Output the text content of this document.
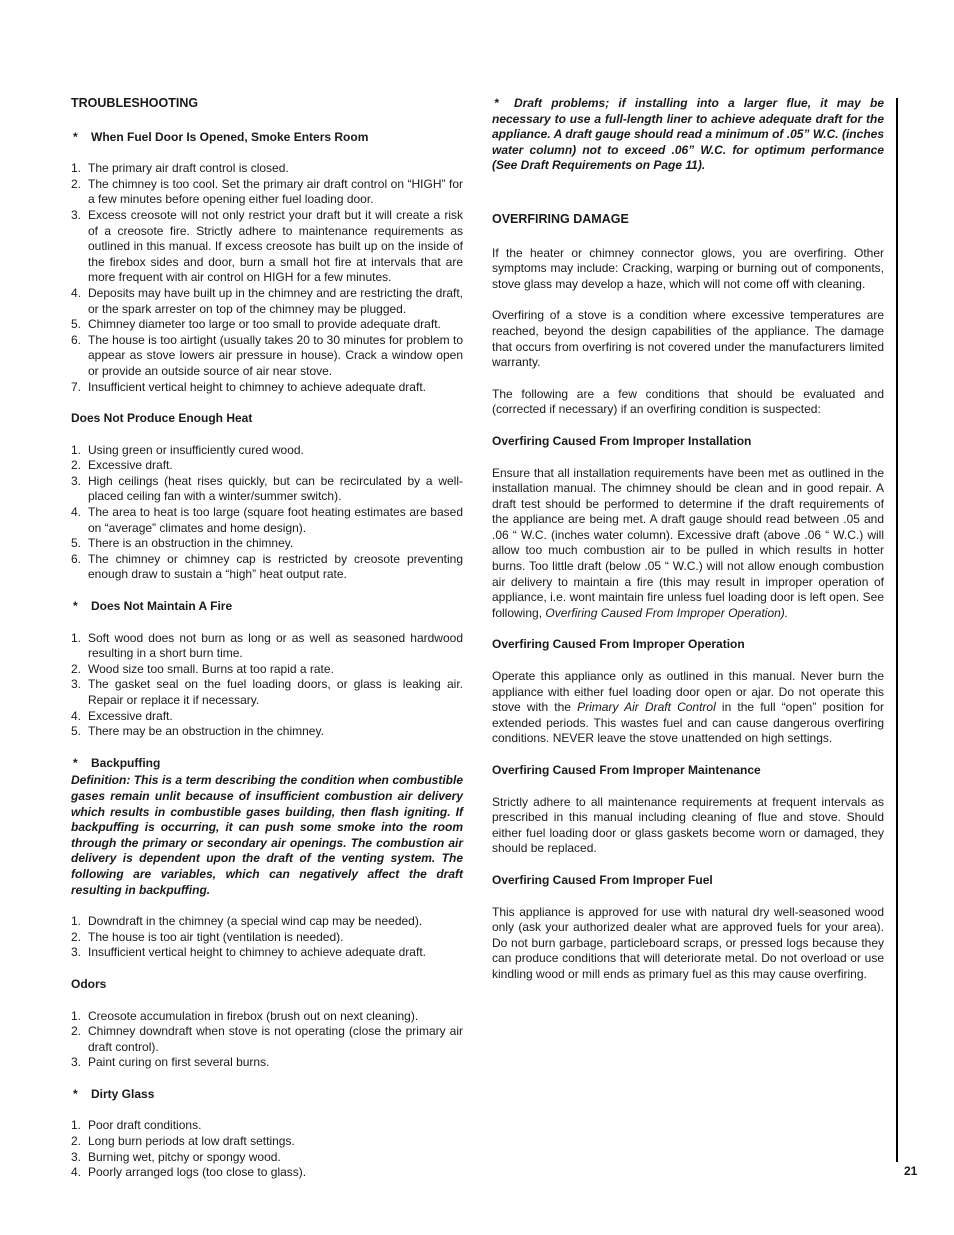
TROUBLESHOOTING
* When Fuel Door Is Opened, Smoke Enters Room
1. The primary air draft control is closed.
2. The chimney is too cool. Set the primary air draft control on “HIGH” for a few minutes before opening either fuel loading door.
3. Excess creosote will not only restrict your draft but it will create a risk of a creosote fire. Strictly adhere to maintenance requirements as outlined in this manual. If excess creosote has built up on the inside of the firebox sides and door, burn a small hot fire at intervals that are more frequent with air control on HIGH for a few minutes.
4. Deposits may have built up in the chimney and are restricting the draft, or the spark arrester on top of the chimney may be plugged.
5. Chimney diameter too large or too small to provide adequate draft.
6. The house is too airtight (usually takes 20 to 30 minutes for problem to appear as stove lowers air pressure in house). Crack a window open or provide an outside source of air near stove.
7. Insufficient vertical height to chimney to achieve adequate draft.
Does Not Produce Enough Heat
1. Using green or insufficiently cured wood.
2. Excessive draft.
3. High ceilings (heat rises quickly, but can be recirculated by a well-placed ceiling fan with a winter/summer switch).
4. The area to heat is too large (square foot heating estimates are based on “average” climates and home design).
5. There is an obstruction in the chimney.
6. The chimney or chimney cap is restricted by creosote preventing enough draw to sustain a “high” heat output rate.
* Does Not Maintain A Fire
1. Soft wood does not burn as long or as well as seasoned hardwood resulting in a short burn time.
2. Wood size too small. Burns at too rapid a rate.
3. The gasket seal on the fuel loading doors, or glass is leaking air. Repair or replace it if necessary.
4. Excessive draft.
5. There may be an obstruction in the chimney.
* Backpuffing
Definition: This is a term describing the condition when combustible gases remain unlit because of insufficient combustion air delivery which results in combustible gases building, then flash igniting. If backpuffing is occurring, it can push some smoke into the room through the primary or secondary air openings. The combustion air delivery is dependent upon the draft of the venting system. The following are variables, which can negatively affect the draft resulting in backpuffing.
1. Downdraft in the chimney (a special wind cap may be needed).
2. The house is too air tight (ventilation is needed).
3. Insufficient vertical height to chimney to achieve adequate draft.
Odors
1. Creosote accumulation in firebox (brush out on next cleaning).
2. Chimney downdraft when stove is not operating (close the primary air draft control).
3. Paint curing on first several burns.
* Dirty Glass
1. Poor draft conditions.
2. Long burn periods at low draft settings.
3. Burning wet, pitchy or spongy wood.
4. Poorly arranged logs (too close to glass).
* Draft problems; if installing into a larger flue, it may be necessary to use a full-length liner to achieve adequate draft for the appliance. A draft gauge should read a minimum of .05” W.C. (inches water column) not to exceed .06” W.C. for optimum performance (See Draft Requirements on Page 11).
OVERFIRING DAMAGE
If the heater or chimney connector glows, you are overfiring. Other symptoms may include: Cracking, warping or burning out of components, stove glass may develop a haze, which will not come off with cleaning.
Overfiring of a stove is a condition where excessive temperatures are reached, beyond the design capabilities of the appliance. The damage that occurs from overfiring is not covered under the manufacturers limited warranty.
The following are a few conditions that should be evaluated and (corrected if necessary) if an overfiring condition is suspected:
Overfiring Caused From Improper Installation
Ensure that all installation requirements have been met as outlined in the installation manual. The chimney should be clean and in good repair. A draft test should be performed to determine if the draft requirements of the appliance are being met. A draft gauge should read between .05 and .06 “ W.C. (inches water column). Excessive draft (above .06 “ W.C.) will allow too much combustion air to be pulled in which results in hotter burns. Too little draft (below .05 “ W.C.) will not allow enough combustion air delivery to maintain a fire (this may result in improper operation of appliance, i.e. wont maintain fire unless fuel loading door is left open. See following, Overfiring Caused From Improper Operation).
Overfiring Caused From Improper Operation
Operate this appliance only as outlined in this manual. Never burn the appliance with either fuel loading door open or ajar. Do not operate this stove with the Primary Air Draft Control in the full “open” position for extended periods. This wastes fuel and can cause dangerous overfiring conditions. NEVER leave the stove unattended on high settings.
Overfiring Caused From Improper Maintenance
Strictly adhere to all maintenance requirements at frequent intervals as prescribed in this manual including cleaning of flue and stove. Should either fuel loading door or glass gaskets become worn or damaged, they should be replaced.
Overfiring Caused From Improper Fuel
This appliance is approved for use with natural dry well-seasoned wood only (ask your authorized dealer what are approved fuels for your area). Do not burn garbage, particleboard scraps, or pressed logs because they can produce conditions that will deteriorate metal. Do not overload or use kindling wood or mill ends as primary fuel as this may cause overfiring.
21
